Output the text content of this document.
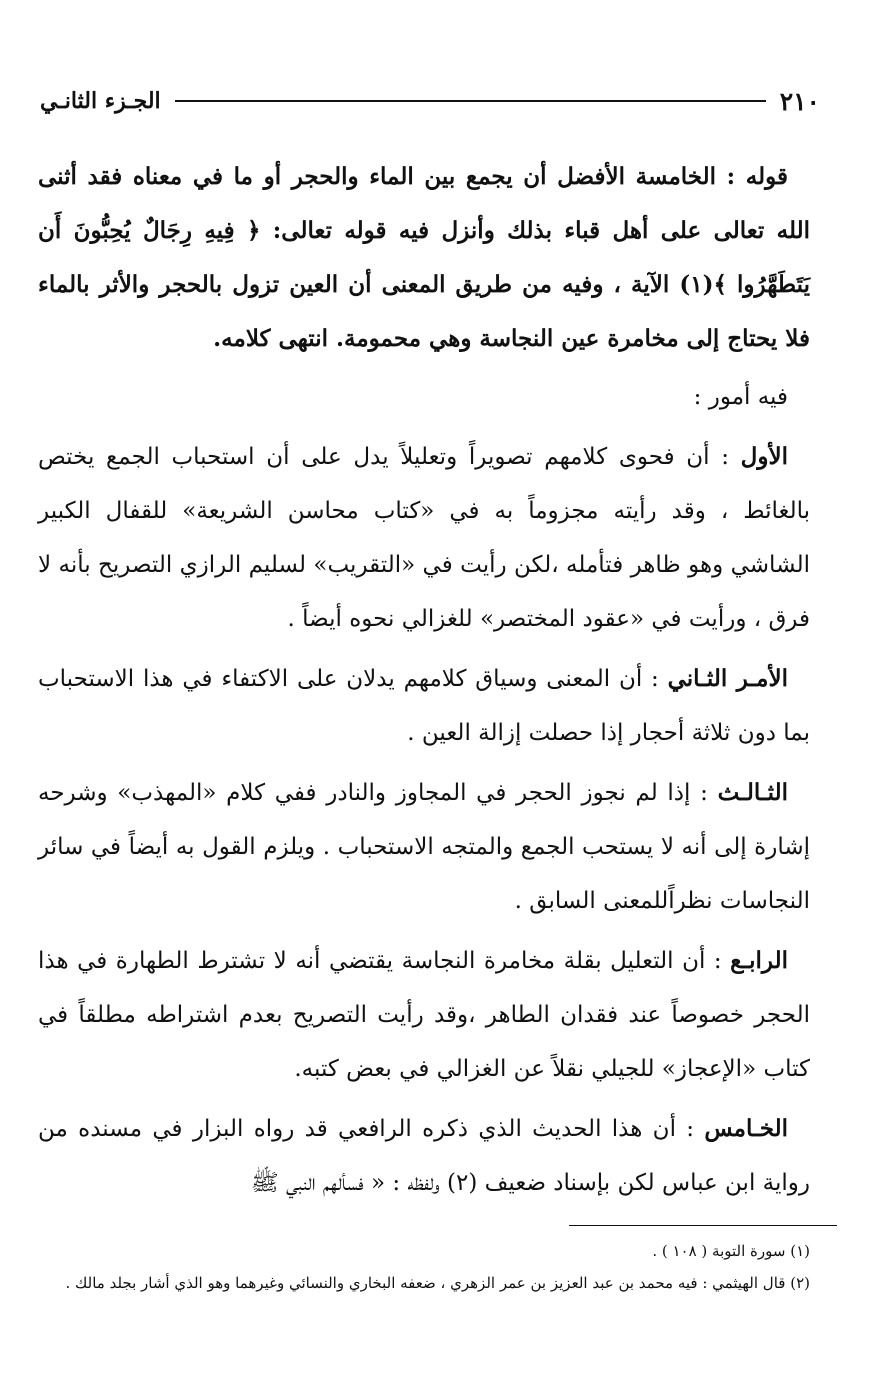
٢١٠
الجـزء الثانـي

قوله : الخامسة الأفضل أن يجمع بين الماء والحجر أو ما في معناه فقد أثنى الله تعالى على أهل قباء بذلك وأنزل فيه قوله تعالى: ﴿ فِيهِ رِجَالٌ يُحِبُّونَ أَن يَتَطَهَّرُوا ﴾(١) الآية ، وفيه من طريق المعنى أن العين تزول بالحجر والأثر بالماء فلا يحتاج إلى مخامرة عين النجاسة وهي محمومة. انتهى كلامه.

فيه أمور :

الأول : أن فحوى كلامهم تصويراً وتعليلاً يدل على أن استحباب الجمع يختص بالغائط ، وقد رأيته مجزوماً به في «كتاب محاسن الشريعة» للقفال الكبير الشاشي وهو ظاهر فتأمله ،لكن رأيت في «التقريب» لسليم الرازي التصريح بأنه لا فرق ، ورأيت في «عقود المختصر» للغزالي نحوه أيضاً .

الأمـر الثـاني : أن المعنى وسياق كلامهم يدلان على الاكتفاء في هذا الاستحباب بما دون ثلاثة أحجار إذا حصلت إزالة العين .

الثـالـث : إذا لم نجوز الحجر في المجاوز والنادر ففي كلام «المهذب» وشرحه إشارة إلى أنه لا يستحب الجمع والمتجه الاستحباب . ويلزم القول به أيضاً في سائر النجاسات نظراًللمعنى السابق .

الرابـع : أن التعليل بقلة مخامرة النجاسة يقتضي أنه لا تشترط الطهارة في هذا الحجر خصوصاً عند فقدان الطاهر ،وقد رأيت التصريح بعدم اشتراطه مطلقاً في كتاب «الإعجاز» للجيلي نقلاً عن الغزالي في بعض كتبه.

الخـامس : أن هذا الحديث الذي ذكره الرافعي قد رواه البزار في مسنده من رواية ابن عباس لكن بإسناد ضعيف (٢) ولفظه : « فسألهم النبي ﷺ

(١) سورة التوبة ( ١٠٨ ) .

(٢) قال الهيثمي : فيه محمد بن عبد العزيز بن عمر الزهري ، ضعفه البخاري والنسائي وغيرهما وهو الذي أشار بجلد مالك .
